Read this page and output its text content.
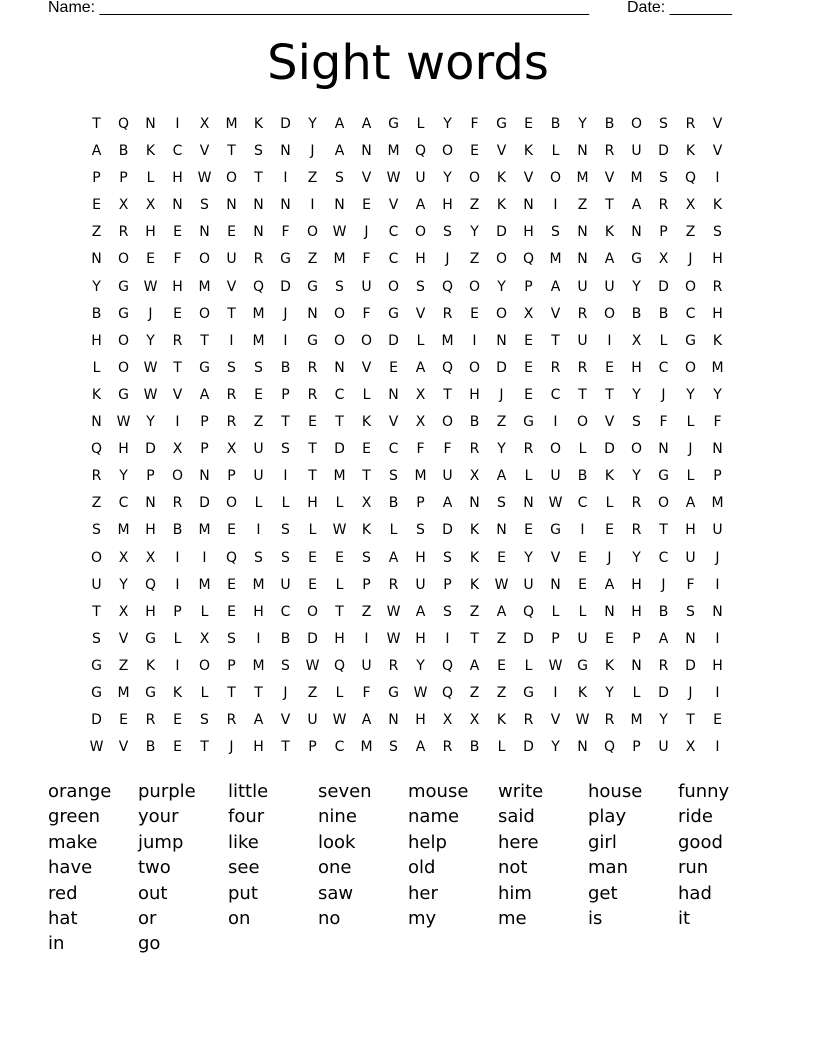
Name: _______________________________________________________ Date: _______
Sight words
T	Q	N	I	X	M	K	D	Y	A	A	G	L	Y	F	G	E	B	Y	B	O	S	R	V
A	B	K	C	V	T	S	N	J	A	N	M	Q	O	E	V	K	L	N	R	U	D	K	V
P	P	L	H	W	O	T	I	Z	S	V	W	U	Y	O	K	V	O	M	V	M	S	Q	I
E	X	X	N	S	N	N	N	I	N	E	V	A	H	Z	K	N	I	Z	T	A	R	X	K
Z	R	H	E	N	E	N	F	O	W	J	C	O	S	Y	D	H	S	N	K	N	P	Z	S
N	O	E	F	O	U	R	G	Z	M	F	C	H	J	Z	O	Q	M	N	A	G	X	J	H
Y	G	W	H	M	V	Q	D	G	S	U	O	S	Q	O	Y	P	A	U	U	Y	D	O	R
B	G	J	E	O	T	M	J	N	O	F	G	V	R	E	O	X	V	R	O	B	B	C	H
H	O	Y	R	T	I	M	I	G	O	O	D	L	M	I	N	E	T	U	I	X	L	G	K
L	O	W	T	G	S	S	B	R	N	V	E	A	Q	O	D	E	R	R	E	H	C	O	M
K	G	W	V	A	R	E	P	R	C	L	N	X	T	H	J	E	C	T	T	Y	J	Y	Y
N	W	Y	I	P	R	Z	T	E	T	K	V	X	O	B	Z	G	I	O	V	S	F	L	F
Q	H	D	X	P	X	U	S	T	D	E	C	F	F	R	Y	R	O	L	D	O	N	J	N
R	Y	P	O	N	P	U	I	T	M	T	S	M	U	X	A	L	U	B	K	Y	G	L	P
Z	C	N	R	D	O	L	L	H	L	X	B	P	A	N	S	N	W	C	L	R	O	A	M
S	M	H	B	M	E	I	S	L	W	K	L	S	D	K	N	E	G	I	E	R	T	H	U
O	X	X	I	I	Q	S	S	E	E	S	A	H	S	K	E	Y	V	E	J	Y	C	U	J
U	Y	Q	I	M	E	M	U	E	L	P	R	U	P	K	W	U	N	E	A	H	J	F	I
T	X	H	P	L	E	H	C	O	T	Z	W	A	S	Z	A	Q	L	L	N	H	B	S	N
S	V	G	L	X	S	I	B	D	H	I	W	H	I	T	Z	D	P	U	E	P	A	N	I
G	Z	K	I	O	P	M	S	W	Q	U	R	Y	Q	A	E	L	W	G	K	N	R	D	H
G	M	G	K	L	T	T	J	Z	L	F	G	W	Q	Z	Z	G	I	K	Y	L	D	J	I
D	E	R	E	S	R	A	V	U	W	A	N	H	X	X	K	R	V	W	R	M	Y	T	E
W	V	B	E	T	J	H	T	P	C	M	S	A	R	B	L	D	Y	N	Q	P	U	X	I
orange	purple	little	seven	mouse	write	house	funny
green	your	four	nine	name	said	play	ride
make	jump	like	look	help	here	girl	good
have	two	see	one	old	not	man	run
red	out	put	saw	her	him	get	had
hat	or	on	no	my	me	is	it
in	go
